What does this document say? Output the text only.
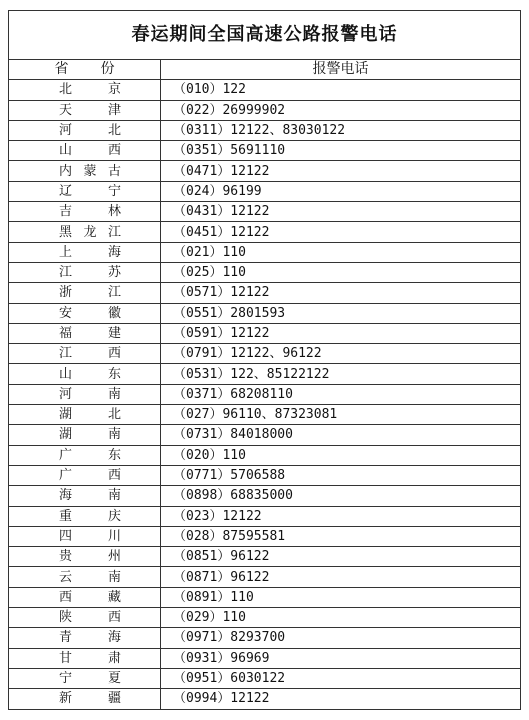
春运期间全国高速公路报警电话
省 份	报警电话

北京	（010）122

天津	（022）26999902

河北	（0311）12122、83030122

山西	（0351）5691110

内蒙古	（0471）12122

辽宁	（024）96199

吉林	（0431）12122

黑龙江	（0451）12122

上海	（021）110

江苏	（025）110

浙江	（0571）12122

安徽	（0551）2801593

福建	（0591）12122

江西	（0791）12122、96122

山东	（0531）122、85122122

河南	（0371）68208110

湖北	（027）96110、87323081

湖南	（0731）84018000

广东	（020）110

广西	（0771）5706588

海南	（0898）68835000

重庆	（023）12122

四川	（028）87595581

贵州	（0851）96122

云南	（0871）96122

西藏	（0891）110

陕西	（029）110

青海	（0971）8293700

甘肃	（0931）96969

宁夏	（0951）6030122

新疆	（0994）12122
